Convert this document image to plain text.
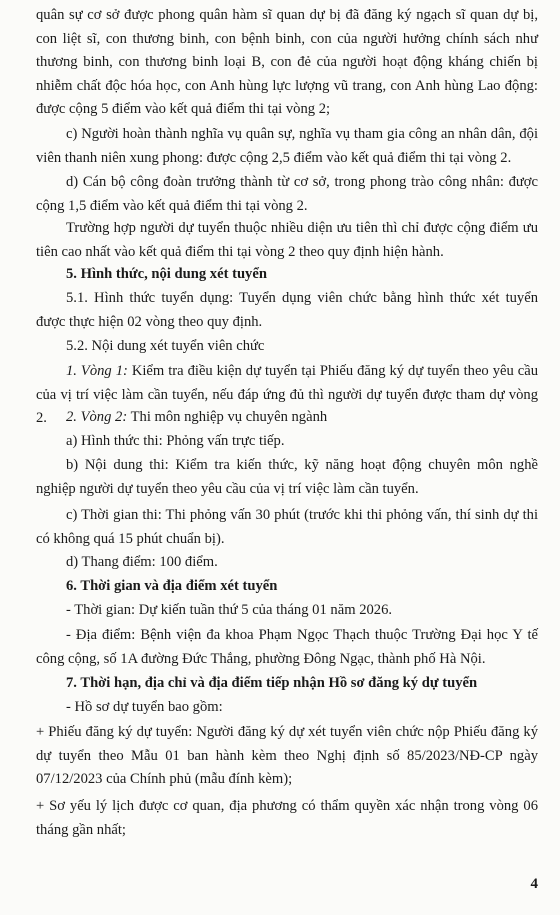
quân sự cơ sở được phong quân hàm sĩ quan dự bị đã đăng ký ngạch sĩ quan dự bị, con liệt sĩ, con thương binh, con bệnh binh, con của người hưởng chính sách như thương binh, con thương binh loại B, con đẻ của người hoạt động kháng chiến bị nhiễm chất độc hóa học, con Anh hùng lực lượng vũ trang, con Anh hùng Lao động: được cộng 5 điểm vào kết quả điểm thi tại vòng 2;

c) Người hoàn thành nghĩa vụ quân sự, nghĩa vụ tham gia công an nhân dân, đội viên thanh niên xung phong: được cộng 2,5 điểm vào kết quả điểm thi tại vòng 2.

d) Cán bộ công đoàn trưởng thành từ cơ sở, trong phong trào công nhân: được cộng 1,5 điểm vào kết quả điểm thi tại vòng 2.

Trường hợp người dự tuyển thuộc nhiều diện ưu tiên thì chỉ được cộng điểm ưu tiên cao nhất vào kết quả điểm thi tại vòng 2 theo quy định hiện hành.

5. Hình thức, nội dung xét tuyển

5.1. Hình thức tuyển dụng: Tuyển dụng viên chức bằng hình thức xét tuyển được thực hiện 02 vòng theo quy định.

5.2. Nội dung xét tuyển viên chức

1. Vòng 1: Kiểm tra điều kiện dự tuyển tại Phiếu đăng ký dự tuyển theo yêu cầu của vị trí việc làm cần tuyển, nếu đáp ứng đủ thì người dự tuyển được tham dự vòng 2.	2. Vòng 2: Thi môn nghiệp vụ chuyên ngành

a) Hình thức thi: Phỏng vấn trực tiếp.

b) Nội dung thi: Kiểm tra kiến thức, kỹ năng hoạt động chuyên môn nghề nghiệp người dự tuyển theo yêu cầu của vị trí việc làm cần tuyển.

c) Thời gian thi: Thi phỏng vấn 30 phút (trước khi thi phỏng vấn, thí sinh dự thi có không quá 15 phút chuẩn bị).

d) Thang điểm: 100 điểm.

6. Thời gian và địa điểm xét tuyển

- Thời gian: Dự kiến tuần thứ 5 của tháng 01 năm 2026.

- Địa điểm: Bệnh viện đa khoa Phạm Ngọc Thạch thuộc Trường Đại học Y tế công cộng, số 1A đường Đức Thắng, phường Đông Ngạc, thành phố Hà Nội.

7. Thời hạn, địa chỉ và địa điểm tiếp nhận Hồ sơ đăng ký dự tuyển

- Hồ sơ dự tuyển bao gồm:

+ Phiếu đăng ký dự tuyển: Người đăng ký dự xét tuyển viên chức nộp Phiếu đăng ký dự tuyển theo Mẫu 01 ban hành kèm theo Nghị định số 85/2023/NĐ-CP ngày 07/12/2023 của Chính phủ (mẫu đính kèm);

+ Sơ yếu lý lịch được cơ quan, địa phương có thẩm quyền xác nhận trong vòng 06 tháng gần nhất;

4
